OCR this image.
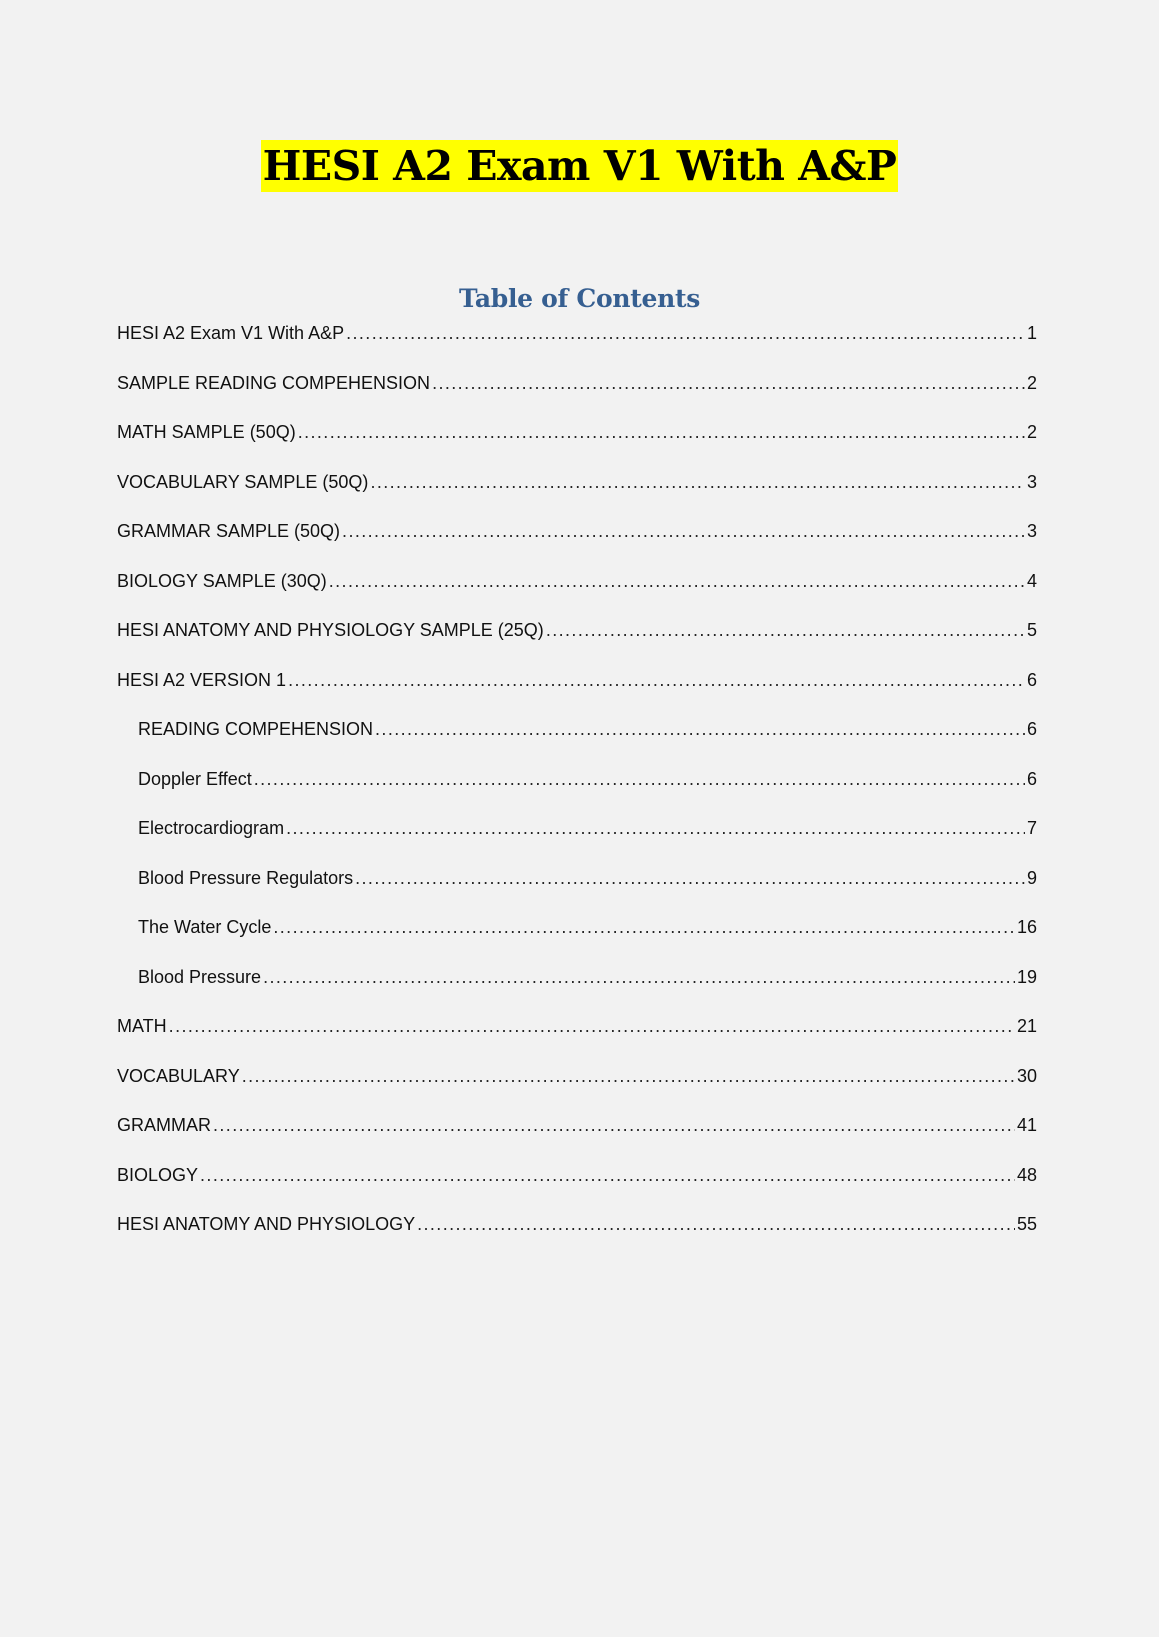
HESI A2 Exam V1 With A&P
Table of Contents
HESI A2 Exam V1 With A&P .....	1
SAMPLE READING COMPEHENSION .....	2
MATH SAMPLE (50Q) .....	2
VOCABULARY SAMPLE (50Q) .....	3
GRAMMAR SAMPLE (50Q) .....	3
BIOLOGY SAMPLE (30Q) .....	4
HESI ANATOMY AND PHYSIOLOGY SAMPLE (25Q) .....	5
HESI A2 VERSION 1 .....	6
READING COMPEHENSION .....	6
Doppler Effect .....	6
Electrocardiogram .....	7
Blood Pressure Regulators .....	9
The Water Cycle .....	16
Blood Pressure .....	19
MATH .....	21
VOCABULARY .....	30
GRAMMAR .....	41
BIOLOGY .....	48
HESI ANATOMY AND PHYSIOLOGY .....	55
